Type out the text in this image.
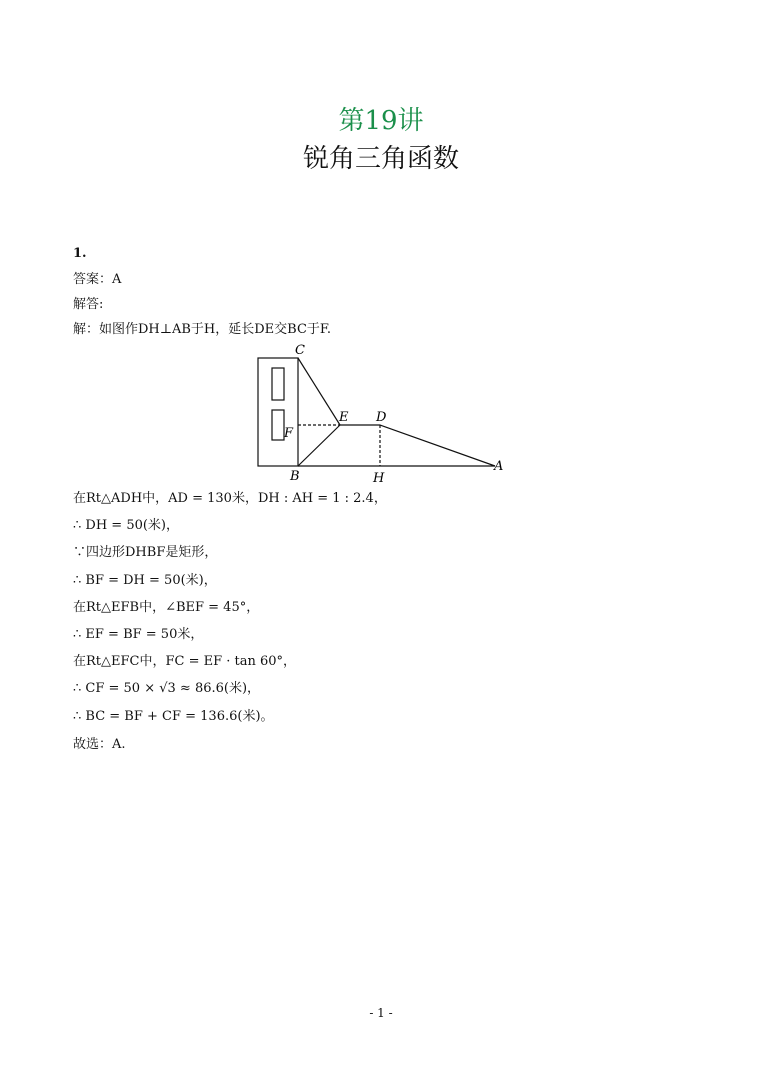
第19讲
锐角三角函数
1.
答案：A
解答:
解：如图作DH⊥AB于H，延长DE交BC于F.
C
E D
F
B	H
A
在Rt△ADH中，AD = 130米，DH : AH = 1 : 2.4，
∴ DH = 50(米)，
∵四边形DHBF是矩形，
∴ BF = DH = 50(米)，
在Rt△EFB中，∠BEF = 45°，
∴ EF = BF = 50米，
在Rt△EFC中，FC = EF · tan 60°，
∴ CF = 50 × √3 ≈ 86.6(米)，
∴ BC = BF + CF = 136.6(米)。
故选：A.
- 1 -
